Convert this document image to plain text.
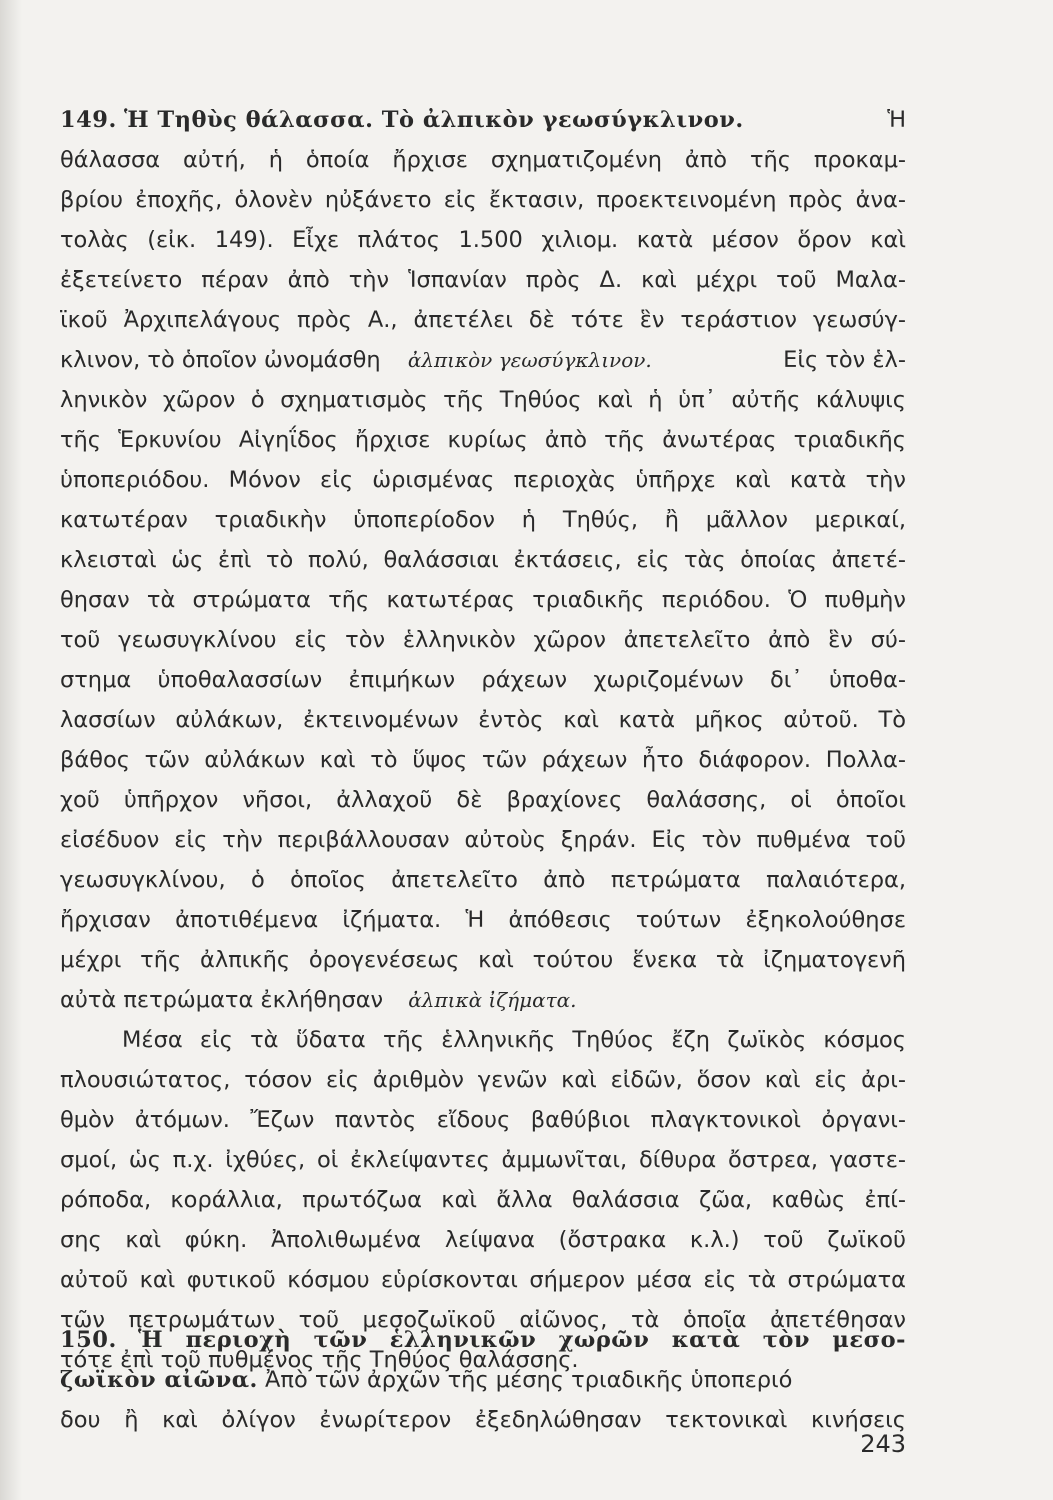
149. Ἡ Τηθὺς θάλασσα. Τὸ ἀλπικὸν γεωσύγκλινον.	Ἡ
θάλασσα αὐτή, ἡ ὁποία ἤρχισε σχηματιζομένη ἀπὸ τῆς προκαμ-
βρίου ἐποχῆς, ὁλονὲν ηὐξάνετο εἰς ἔκτασιν, προεκτεινομένη πρὸς ἀνα-
τολὰς (εἰκ. 149). Εἶχε πλάτος 1.500 χιλιομ. κατὰ μέσον ὅρον καὶ
ἐξετείνετο πέραν ἀπὸ τὴν Ἱσπανίαν πρὸς Δ. καὶ μέχρι τοῦ Μαλα-
ϊκοῦ Ἀρχιπελάγους πρὸς Α., ἀπετέλει δὲ τότε ἓν τεράστιον γεωσύγ-
κλινον, τὸ ὁποῖον ὠνομάσθη ἀλπικὸν γεωσύγκλινον.	Εἰς τὸν ἑλ-
ληνικὸν χῶρον ὁ σχηματισμὸς τῆς Τηθύος καὶ ἡ ὑπ᾽ αὐτῆς κάλυψις
τῆς Ἑρκυνίου Αἰγηΐδος ἤρχισε κυρίως ἀπὸ τῆς ἀνωτέρας τριαδικῆς
ὑποπεριόδου. Μόνον εἰς ὡρισμένας περιοχὰς ὑπῆρχε καὶ κατὰ τὴν
κατωτέραν τριαδικὴν ὑποπερίοδον ἡ Τηθύς, ἢ μᾶλλον μερικαί,
κλεισταὶ ὡς ἐπὶ τὸ πολύ, θαλάσσιαι ἐκτάσεις, εἰς τὰς ὁποίας ἀπετέ-
θησαν τὰ στρώματα τῆς κατωτέρας τριαδικῆς περιόδου. Ὁ πυθμὴν
τοῦ γεωσυγκλίνου εἰς τὸν ἑλληνικὸν χῶρον ἀπετελεῖτο ἀπὸ ἓν σύ-
στημα ὑποθαλασσίων ἐπιμήκων ράχεων χωριζομένων δι᾽ ὑποθα-
λασσίων αὐλάκων, ἐκτεινομένων ἐντὸς καὶ κατὰ μῆκος αὐτοῦ. Τὸ
βάθος τῶν αὐλάκων καὶ τὸ ὕψος τῶν ράχεων ἦτο διάφορον. Πολλα-
χοῦ ὑπῆρχον νῆσοι, ἀλλαχοῦ δὲ βραχίονες θαλάσσης, οἱ ὁποῖοι
εἰσέδυον εἰς τὴν περιβάλλουσαν αὐτοὺς ξηράν. Εἰς τὸν πυθμένα τοῦ
γεωσυγκλίνου, ὁ ὁποῖος ἀπετελεῖτο ἀπὸ πετρώματα παλαιότερα,
ἤρχισαν ἀποτιθέμενα ἰζήματα. Ἡ ἀπόθεσις τούτων ἐξηκολούθησε
μέχρι τῆς ἀλπικῆς ὀρογενέσεως καὶ τούτου ἕνεκα τὰ ἰζηματογενῆ
αὐτὰ πετρώματα ἐκλήθησαν ἀλπικὰ ἰζήματα.
Μέσα εἰς τὰ ὕδατα τῆς ἑλληνικῆς Τηθύος ἔζη ζωϊκὸς κόσμος
πλουσιώτατος, τόσον εἰς ἀριθμὸν γενῶν καὶ εἰδῶν, ὅσον καὶ εἰς ἀρι-
θμὸν ἀτόμων. Ἔζων παντὸς εἴδους βαθύβιοι πλαγκτονικοὶ ὀργανι-
σμοί, ὡς π.χ. ἰχθύες, οἱ ἐκλείψαντες ἀμμωνῖται, δίθυρα ὄστρεα, γαστε-
ρόποδα, κοράλλια, πρωτόζωα καὶ ἄλλα θαλάσσια ζῶα, καθὼς ἐπί-
σης καὶ φύκη. Ἀπολιθωμένα λείψανα (ὄστρακα κ.λ.) τοῦ ζωϊκοῦ
αὐτοῦ καὶ φυτικοῦ κόσμου εὑρίσκονται σήμερον μέσα εἰς τὰ στρώματα
τῶν πετρωμάτων τοῦ μεσοζωϊκοῦ αἰῶνος, τὰ ὁποῖα ἀπετέθησαν
τότε ἐπὶ τοῦ πυθμένος τῆς Τηθύος θαλάσσης.
150. Ἡ περιοχὴ τῶν ἑλληνικῶν χωρῶν κατὰ τὸν μεσο-
ζωϊκὸν αἰῶνα. Ἀπὸ τῶν ἀρχῶν τῆς μέσης τριαδικῆς ὑποπεριό
δου ἢ καὶ ὀλίγον ἐνωρίτερον ἐξεδηλώθησαν τεκτονικαὶ κινήσεις
243
